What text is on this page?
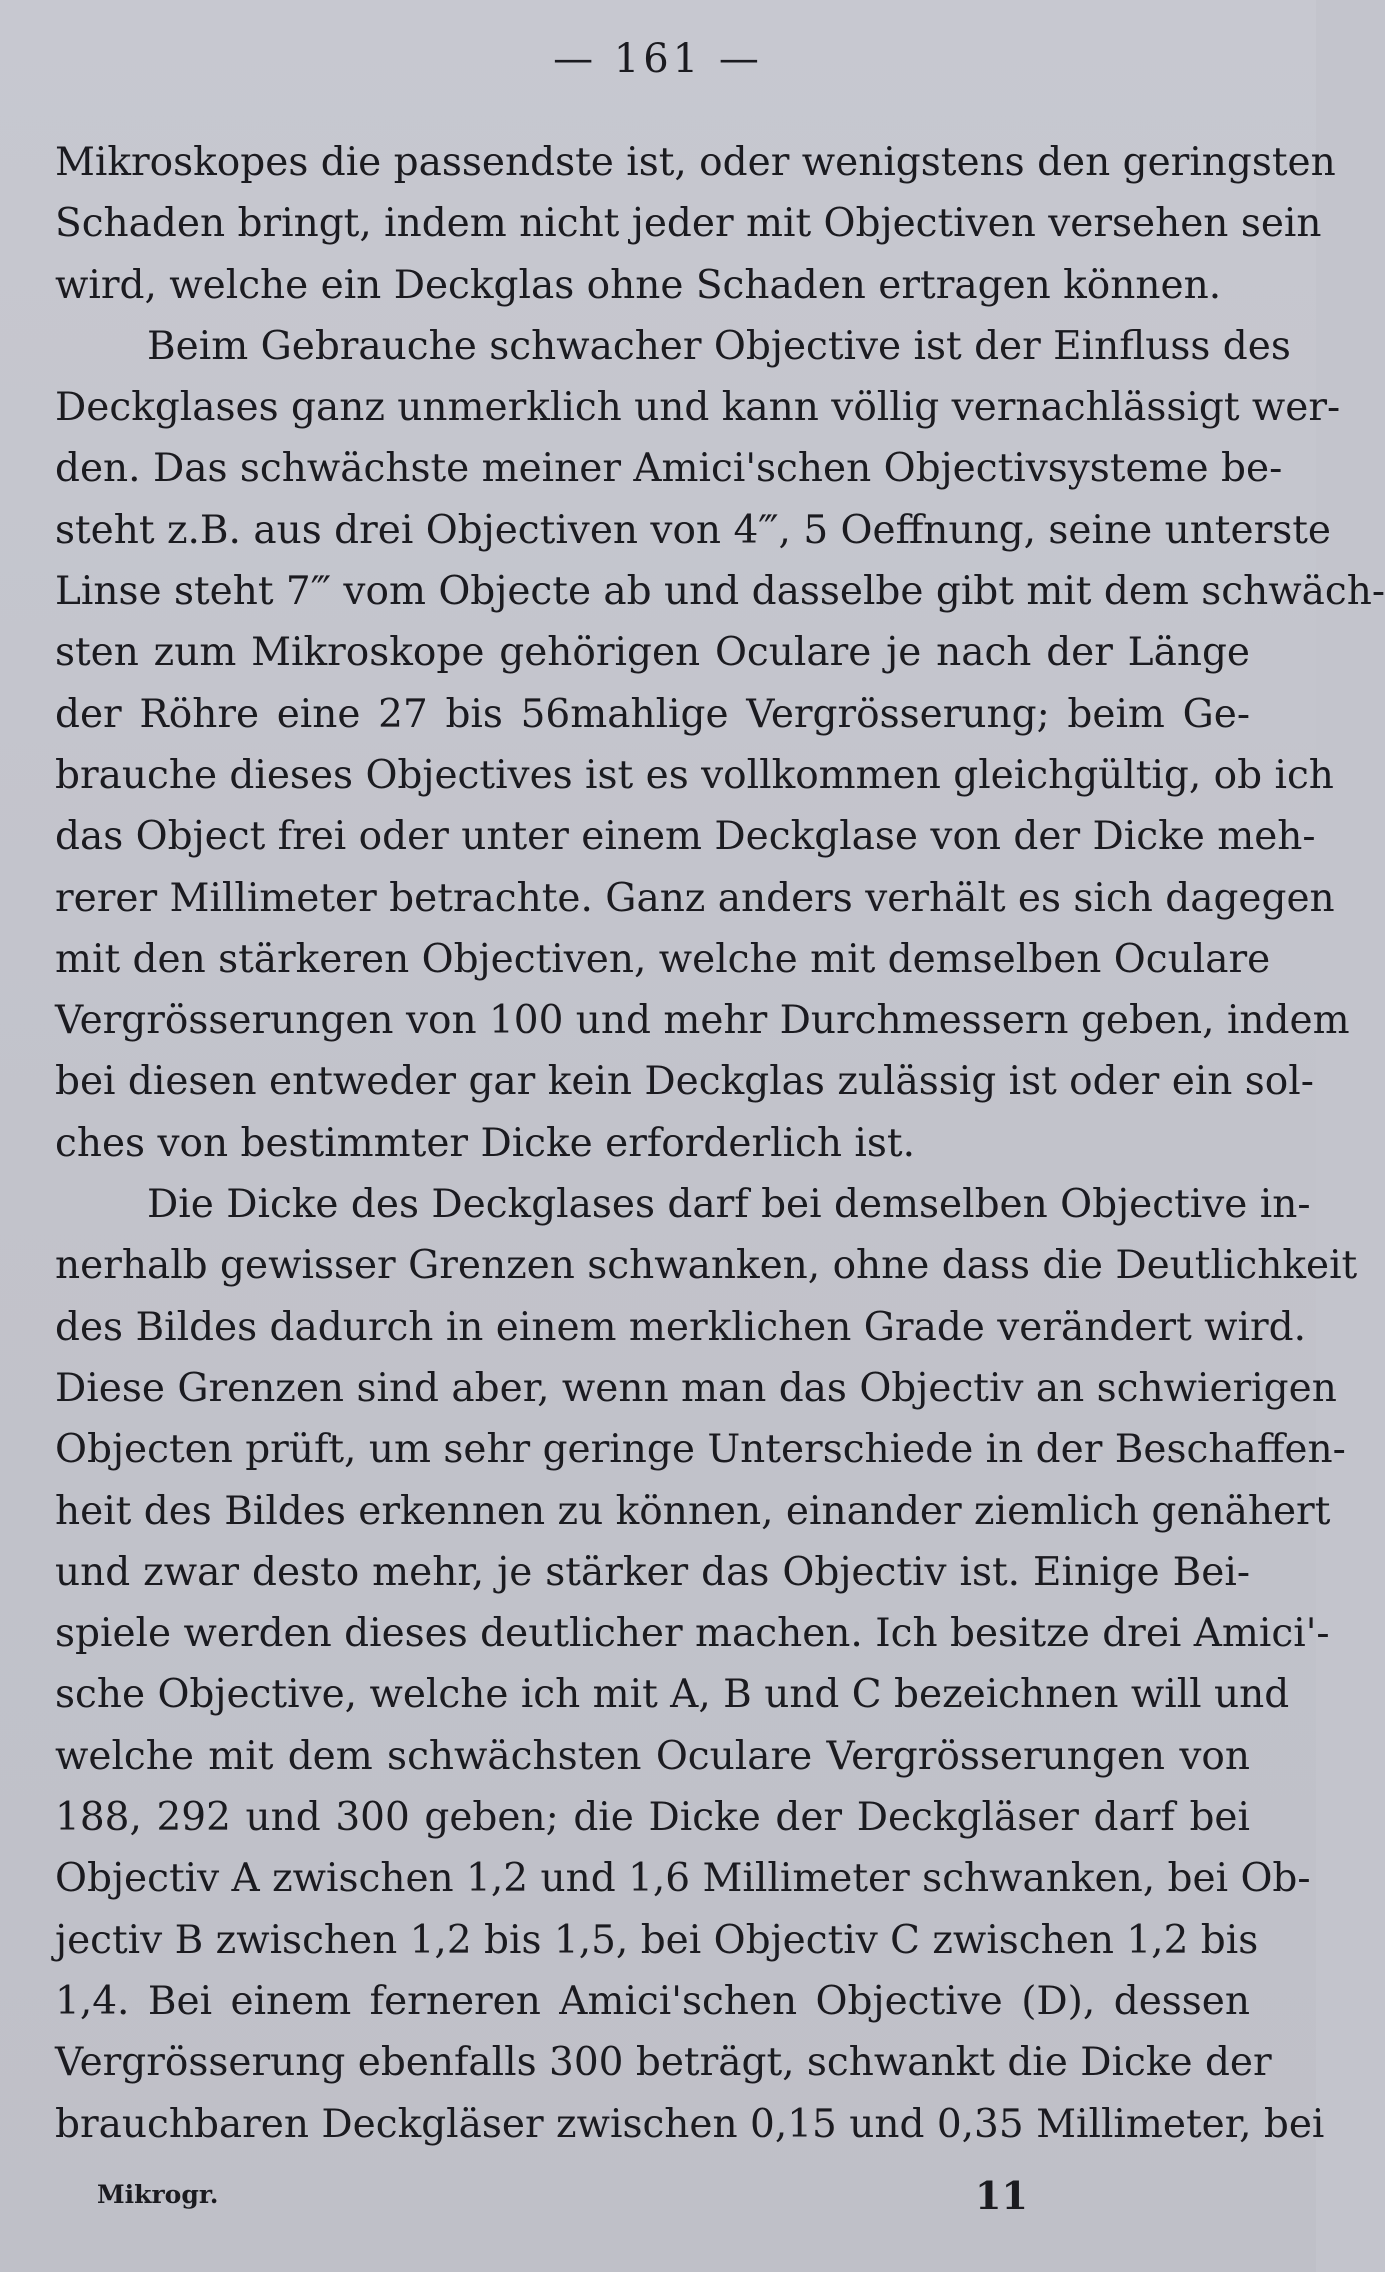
— 161 —
Mikroskopes die passendste ist, oder wenigstens den geringsten
Schaden bringt, indem nicht jeder mit Objectiven versehen sein
wird, welche ein Deckglas ohne Schaden ertragen können.
Beim Gebrauche schwacher Objective ist der Einfluss des
Deckglases ganz unmerklich und kann völlig vernachlässigt wer-
den. Das schwächste meiner Amici'schen Objectivsysteme be-
steht z.B. aus drei Objectiven von 4‴, 5 Oeffnung, seine unterste
Linse steht 7‴ vom Objecte ab und dasselbe gibt mit dem schwäch-
sten zum Mikroskope gehörigen Oculare je nach der Länge
der Röhre eine 27 bis 56mahlige Vergrösserung; beim Ge-
brauche dieses Objectives ist es vollkommen gleichgültig, ob ich
das Object frei oder unter einem Deckglase von der Dicke meh-
rerer Millimeter betrachte. Ganz anders verhält es sich dagegen
mit den stärkeren Objectiven, welche mit demselben Oculare
Vergrösserungen von 100 und mehr Durchmessern geben, indem
bei diesen entweder gar kein Deckglas zulässig ist oder ein sol-
ches von bestimmter Dicke erforderlich ist.
Die Dicke des Deckglases darf bei demselben Objective in-
nerhalb gewisser Grenzen schwanken, ohne dass die Deutlichkeit
des Bildes dadurch in einem merklichen Grade verändert wird.
Diese Grenzen sind aber, wenn man das Objectiv an schwierigen
Objecten prüft, um sehr geringe Unterschiede in der Beschaffen-
heit des Bildes erkennen zu können, einander ziemlich genähert
und zwar desto mehr, je stärker das Objectiv ist. Einige Bei-
spiele werden dieses deutlicher machen. Ich besitze drei Amici'-
sche Objective, welche ich mit A, B und C bezeichnen will und
welche mit dem schwächsten Oculare Vergrösserungen von
188, 292 und 300 geben; die Dicke der Deckgläser darf bei
Objectiv A zwischen 1,2 und 1,6 Millimeter schwanken, bei Ob-
jectiv B zwischen 1,2 bis 1,5, bei Objectiv C zwischen 1,2 bis
1,4. Bei einem ferneren Amici'schen Objective (D), dessen
Vergrösserung ebenfalls 300 beträgt, schwankt die Dicke der
brauchbaren Deckgläser zwischen 0,15 und 0,35 Millimeter, bei
Mikrogr.	11
